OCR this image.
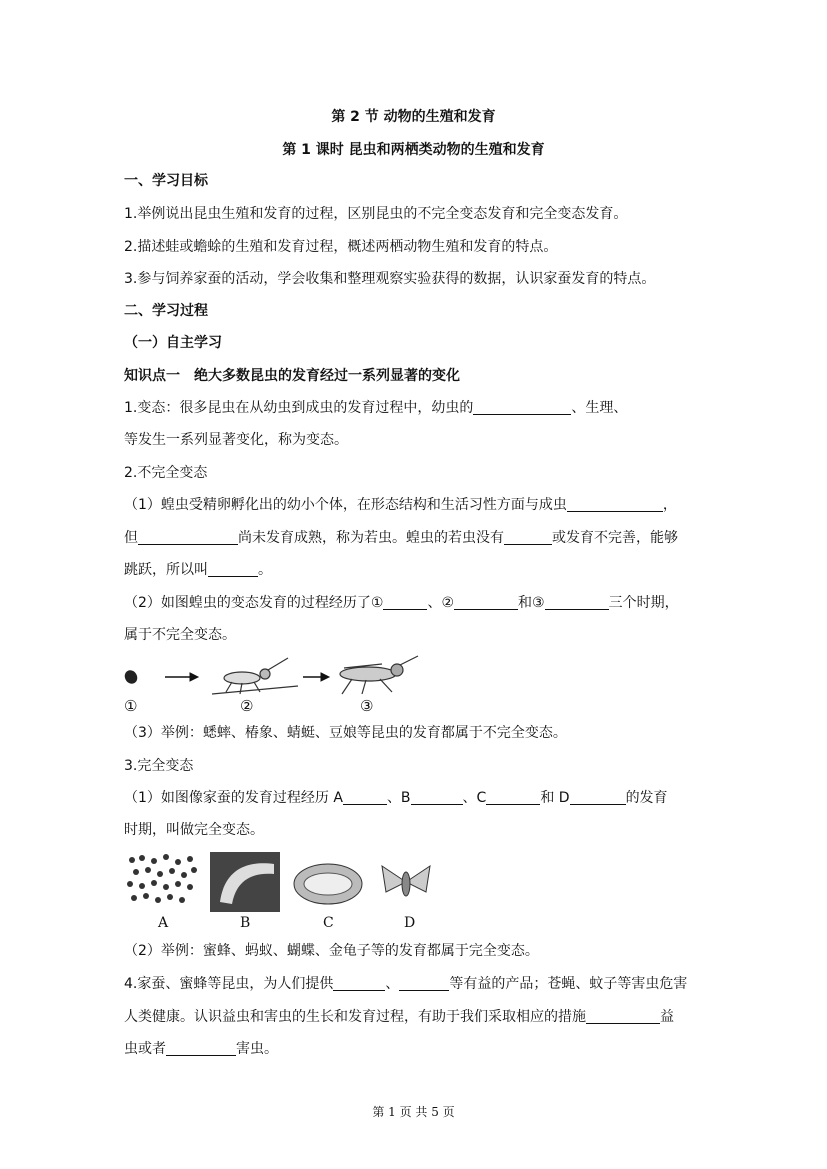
第 2 节 动物的生殖和发育
第 1 课时 昆虫和两栖类动物的生殖和发育
一、学习目标
1.举例说出昆虫生殖和发育的过程，区别昆虫的不完全变态发育和完全变态发育。
2.描述蛙或蟾蜍的生殖和发育过程，概述两栖动物生殖和发育的特点。
3.参与饲养家蚕的活动，学会收集和整理观察实验获得的数据，认识家蚕发育的特点。
二、学习过程
（一）自主学习
知识点一　绝大多数昆虫的发育经过一系列显著的变化
1.变态：很多昆虫在从幼虫到成虫的发育过程中，幼虫的	、生理、
等发生一系列显著变化，称为变态。
2.不完全变态
（1）蝗虫受精卵孵化出的幼小个体，在形态结构和生活习性方面与成虫	，
但	尚未发育成熟，称为若虫。蝗虫的若虫没有	或发育不完善，能够
跳跃，所以叫	。
（2）如图蝗虫的变态发育的过程经历了①	、②	和③	三个时期，
属于不完全变态。
①	②	③
（3）举例：蟋蟀、椿象、蜻蜓、豆娘等昆虫的发育都属于不完全变态。
3.完全变态
（1）如图像家蚕的发育过程经历 A	、B	、C	和 D	的发育
时期，叫做完全变态。
A	B	C	D
（2）举例：蜜蜂、蚂蚁、蝴蝶、金龟子等的发育都属于完全变态。
4.家蚕、蜜蜂等昆虫，为人们提供	、	等有益的产品；苍蝇、蚊子等害虫危害
人类健康。认识益虫和害虫的生长和发育过程，有助于我们采取相应的措施	益
虫或者	害虫。
第 1 页 共 5 页
